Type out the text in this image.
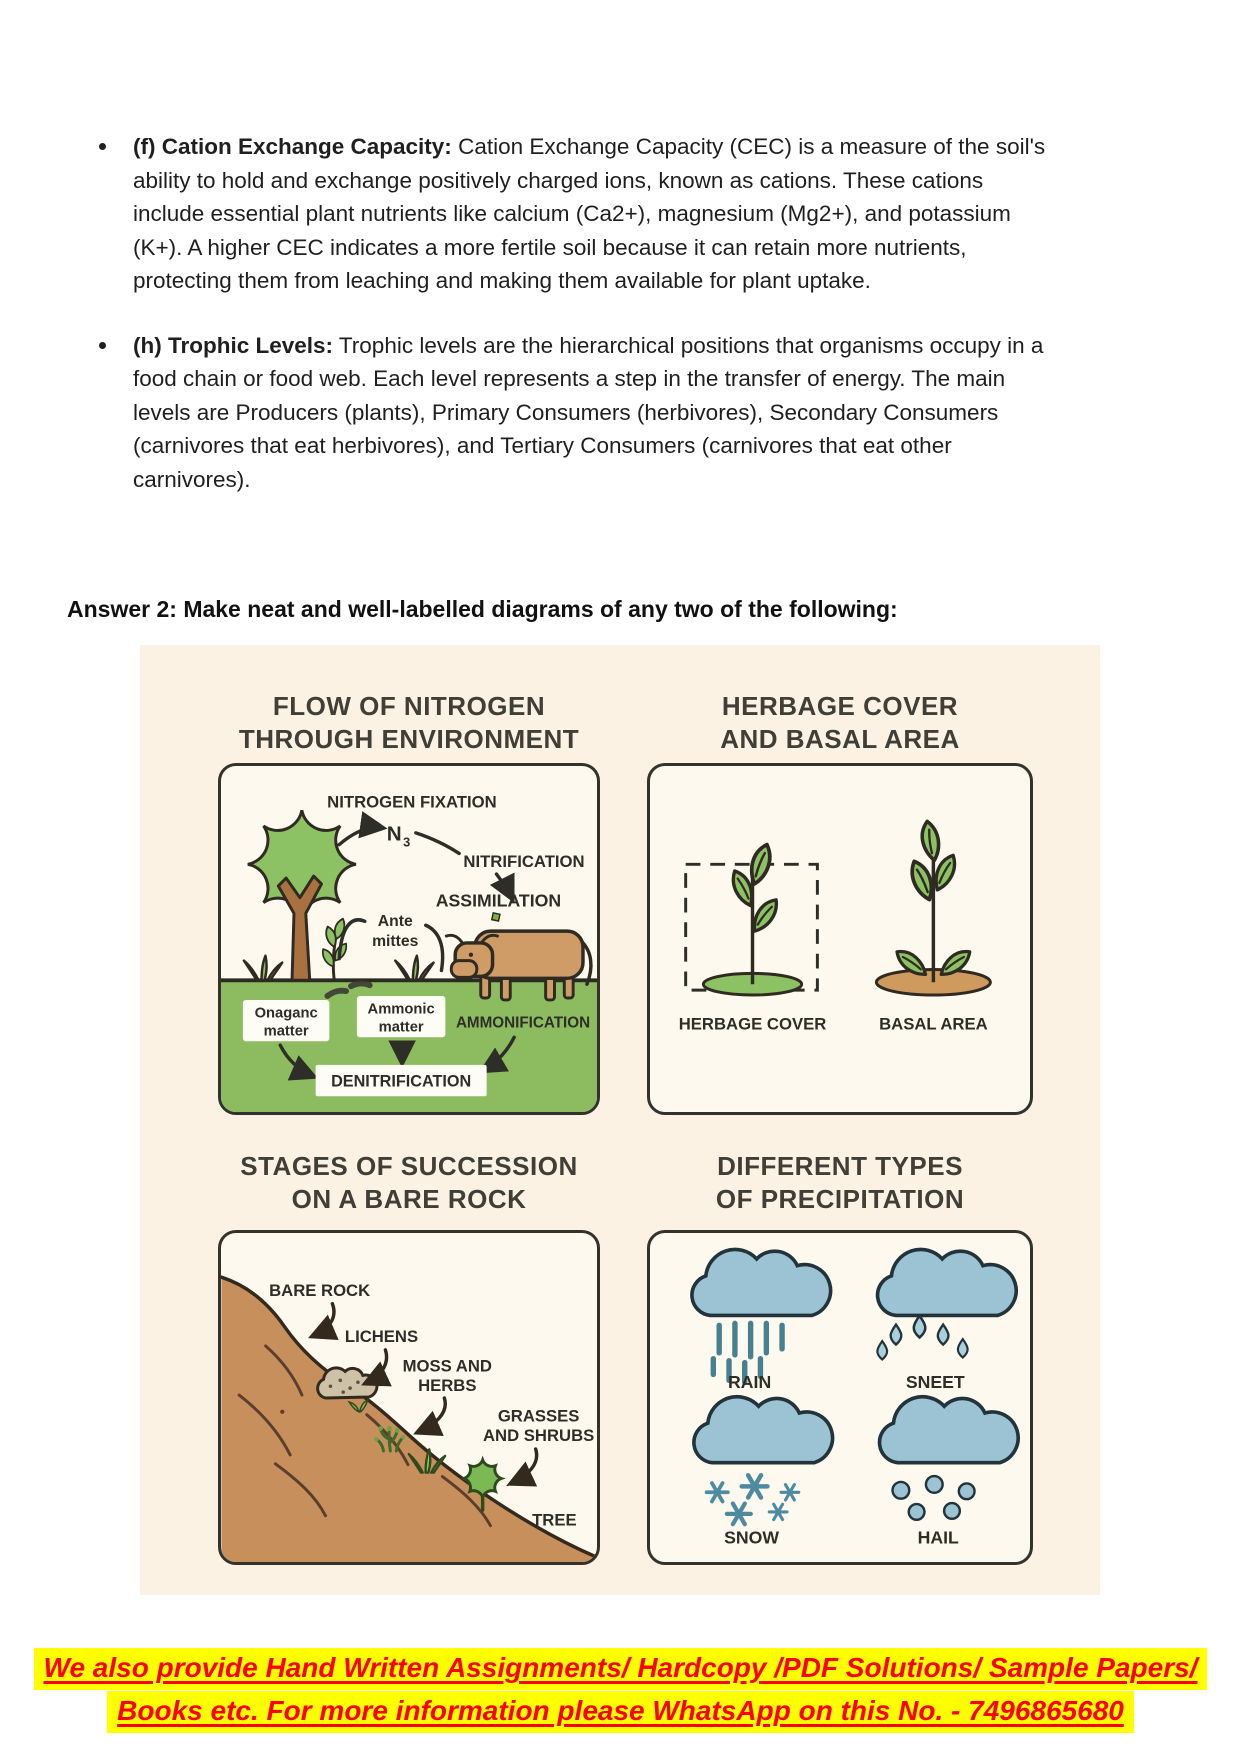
(f) Cation Exchange Capacity: Cation Exchange Capacity (CEC) is a measure of the soil's ability to hold and exchange positively charged ions, known as cations. These cations include essential plant nutrients like calcium (Ca2+), magnesium (Mg2+), and potassium (K+). A higher CEC indicates a more fertile soil because it can retain more nutrients, protecting them from leaching and making them available for plant uptake.
(h) Trophic Levels: Trophic levels are the hierarchical positions that organisms occupy in a food chain or food web. Each level represents a step in the transfer of energy. The main levels are Producers (plants), Primary Consumers (herbivores), Secondary Consumers (carnivores that eat herbivores), and Tertiary Consumers (carnivores that eat other carnivores).
Answer 2: Make neat and well-labelled diagrams of any two of the following:
FLOW OF NITROGEN
THROUGH ENVIRONMENT
HERBAGE COVER
AND BASAL AREA
STAGES OF SUCCESSION
ON A BARE ROCK
DIFFERENT TYPES
OF PRECIPITATION
NITROGEN FIXATION
N 3
NITRIFICATION
ASSIMILATION
Ante
mittes
Onaganc
matter
Ammonic
matter AMMONIFICATION
DENITRIFICATION
HERBAGE COVER	BASAL AREA
BARE ROCK
LICHENS
MOSS AND
HERBS
GRASSES
AND SHRUBS
TREE
RAIN	SNEET
SNOW	HAIL
We also provide Hand Written Assignments/ Hardcopy /PDF Solutions/ Sample Papers/
Books etc. For more information please WhatsApp on this No. - 7496865680
